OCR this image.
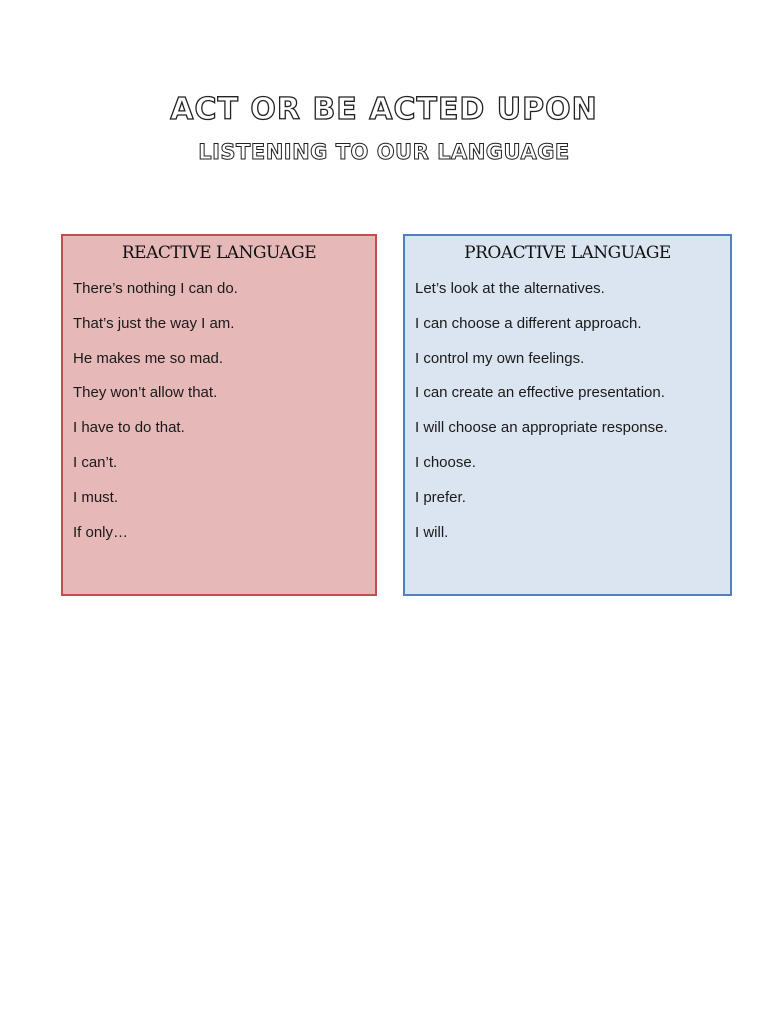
ACT OR BE ACTED UPON
LISTENING TO OUR LANGUAGE
REACTIVE LANGUAGE
There’s nothing I can do.
That’s just the way I am.
He makes me so mad.
They won’t allow that.
I have to do that.
I can’t.
I must.
If only…
PROACTIVE LANGUAGE
Let’s look at the alternatives.
I can choose a different approach.
I control my own feelings.
I can create an effective presentation.
I will choose an appropriate response.
I choose.
I prefer.
I will.
